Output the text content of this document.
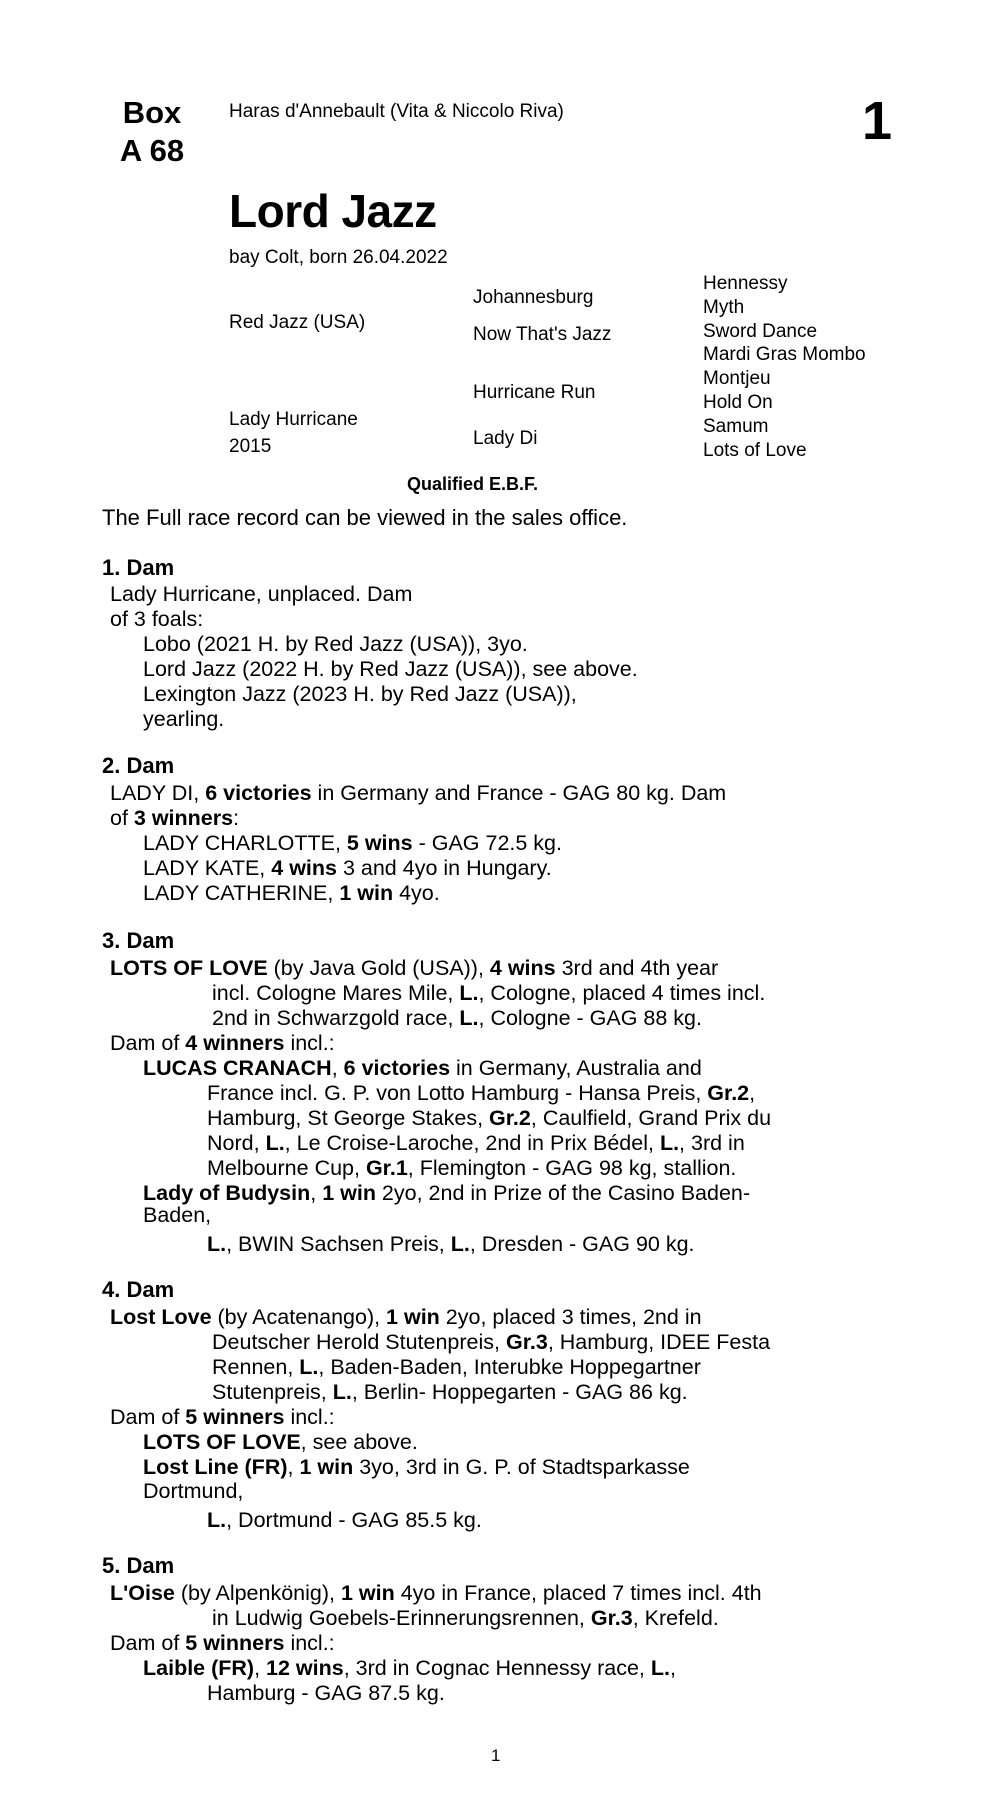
Box
A 68
Haras d'Annebault (Vita & Niccolo Riva)	1
Lord Jazz
bay Colt, born 26.04.2022
Red Jazz (USA)
Lady Hurricane
2015
Johannesburg
Now That's Jazz
Hurricane Run
Lady Di
Hennessy
Myth
Sword Dance
Mardi Gras Mombo
Montjeu
Hold On
Samum
Lots of Love
Qualified E.B.F.
The Full race record can be viewed in the sales office.
1. Dam
Lady Hurricane, unplaced. Dam
of 3 foals:
Lobo (2021 H. by Red Jazz (USA)), 3yo.
Lord Jazz (2022 H. by Red Jazz (USA)), see above.
Lexington Jazz (2023 H. by Red Jazz (USA)),
yearling.
2. Dam
LADY DI, 6 victories in Germany and France - GAG 80 kg. Dam
of 3 winners:
LADY CHARLOTTE, 5 wins - GAG 72.5 kg.
LADY KATE, 4 wins 3 and 4yo in Hungary.
LADY CATHERINE, 1 win 4yo.
3. Dam
LOTS OF LOVE (by Java Gold (USA)), 4 wins 3rd and 4th year
incl. Cologne Mares Mile, L., Cologne, placed 4 times incl.
2nd in Schwarzgold race, L., Cologne - GAG 88 kg.
Dam of 4 winners incl.:
LUCAS CRANACH, 6 victories in Germany, Australia and
France incl. G. P. von Lotto Hamburg - Hansa Preis, Gr.2,
Hamburg, St George Stakes, Gr.2, Caulfield, Grand Prix du
Nord, L., Le Croise-Laroche, 2nd in Prix Bédel, L., 3rd in
Melbourne Cup, Gr.1, Flemington - GAG 98 kg, stallion.
Lady of Budysin, 1 win 2yo, 2nd in Prize of the Casino Baden-
Baden,
L., BWIN Sachsen Preis, L., Dresden - GAG 90 kg.
4. Dam
Lost Love (by Acatenango), 1 win 2yo, placed 3 times, 2nd in
Deutscher Herold Stutenpreis, Gr.3, Hamburg, IDEE Festa
Rennen, L., Baden-Baden, Interubke Hoppegartner
Stutenpreis, L., Berlin- Hoppegarten - GAG 86 kg.
Dam of 5 winners incl.:
LOTS OF LOVE, see above.
Lost Line (FR), 1 win 3yo, 3rd in G. P. of Stadtsparkasse
Dortmund,
L., Dortmund - GAG 85.5 kg.
5. Dam
L'Oise (by Alpenkönig), 1 win 4yo in France, placed 7 times incl. 4th
in Ludwig Goebels-Erinnerungsrennen, Gr.3, Krefeld.
Dam of 5 winners incl.:
Laible (FR), 12 wins, 3rd in Cognac Hennessy race, L.,
Hamburg - GAG 87.5 kg.
1
